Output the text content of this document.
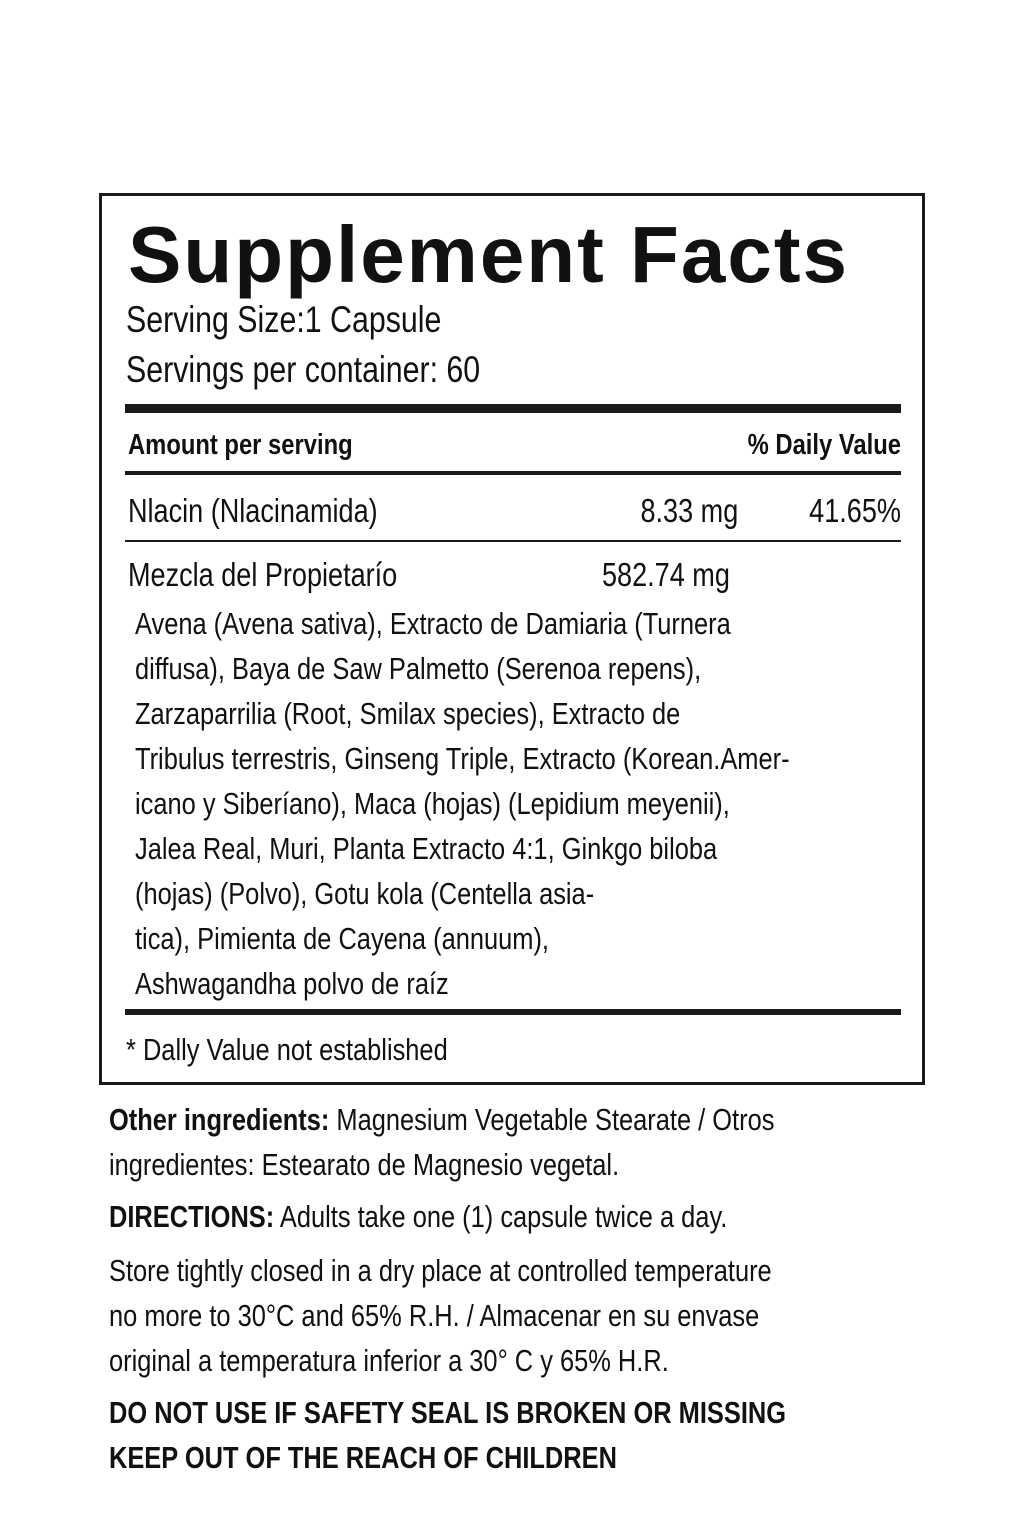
Supplement Facts
Serving Size:1 Capsule
Servings per container: 60
Amount per serving	% Daily Value
Nlacin (Nlacinamida)	8.33 mg 41.65%
Mezcla del Propietarío	582.74 mg
Avena (Avena sativa), Extracto de Damiaria (Turnera
diffusa), Baya de Saw Palmetto (Serenoa repens),
Zarzaparrilia (Root, Smilax species), Extracto de
Tribulus terrestris, Ginseng Triple, Extracto (Korean.Amer-
icano y Siberíano), Maca (hojas) (Lepidium meyenii),
Jalea Real, Muri, Planta Extracto 4:1, Ginkgo biloba
(hojas) (Polvo), Gotu kola (Centella asia-
tica), Pimienta de Cayena (annuum),
Ashwagandha polvo de raíz
* Dally Value not established
Other ingredients: Magnesium Vegetable Stearate / Otros
ingredientes: Estearato de Magnesio vegetal.
DIRECTIONS: Adults take one (1) capsule twice a day.
Store tightly closed in a dry place at controlled temperature
no more to 30°C and 65% R.H. / Almacenar en su envase
original a temperatura inferior a 30° C y 65% H.R.
DO NOT USE IF SAFETY SEAL IS BROKEN OR MISSING
KEEP OUT OF THE REACH OF CHILDREN
